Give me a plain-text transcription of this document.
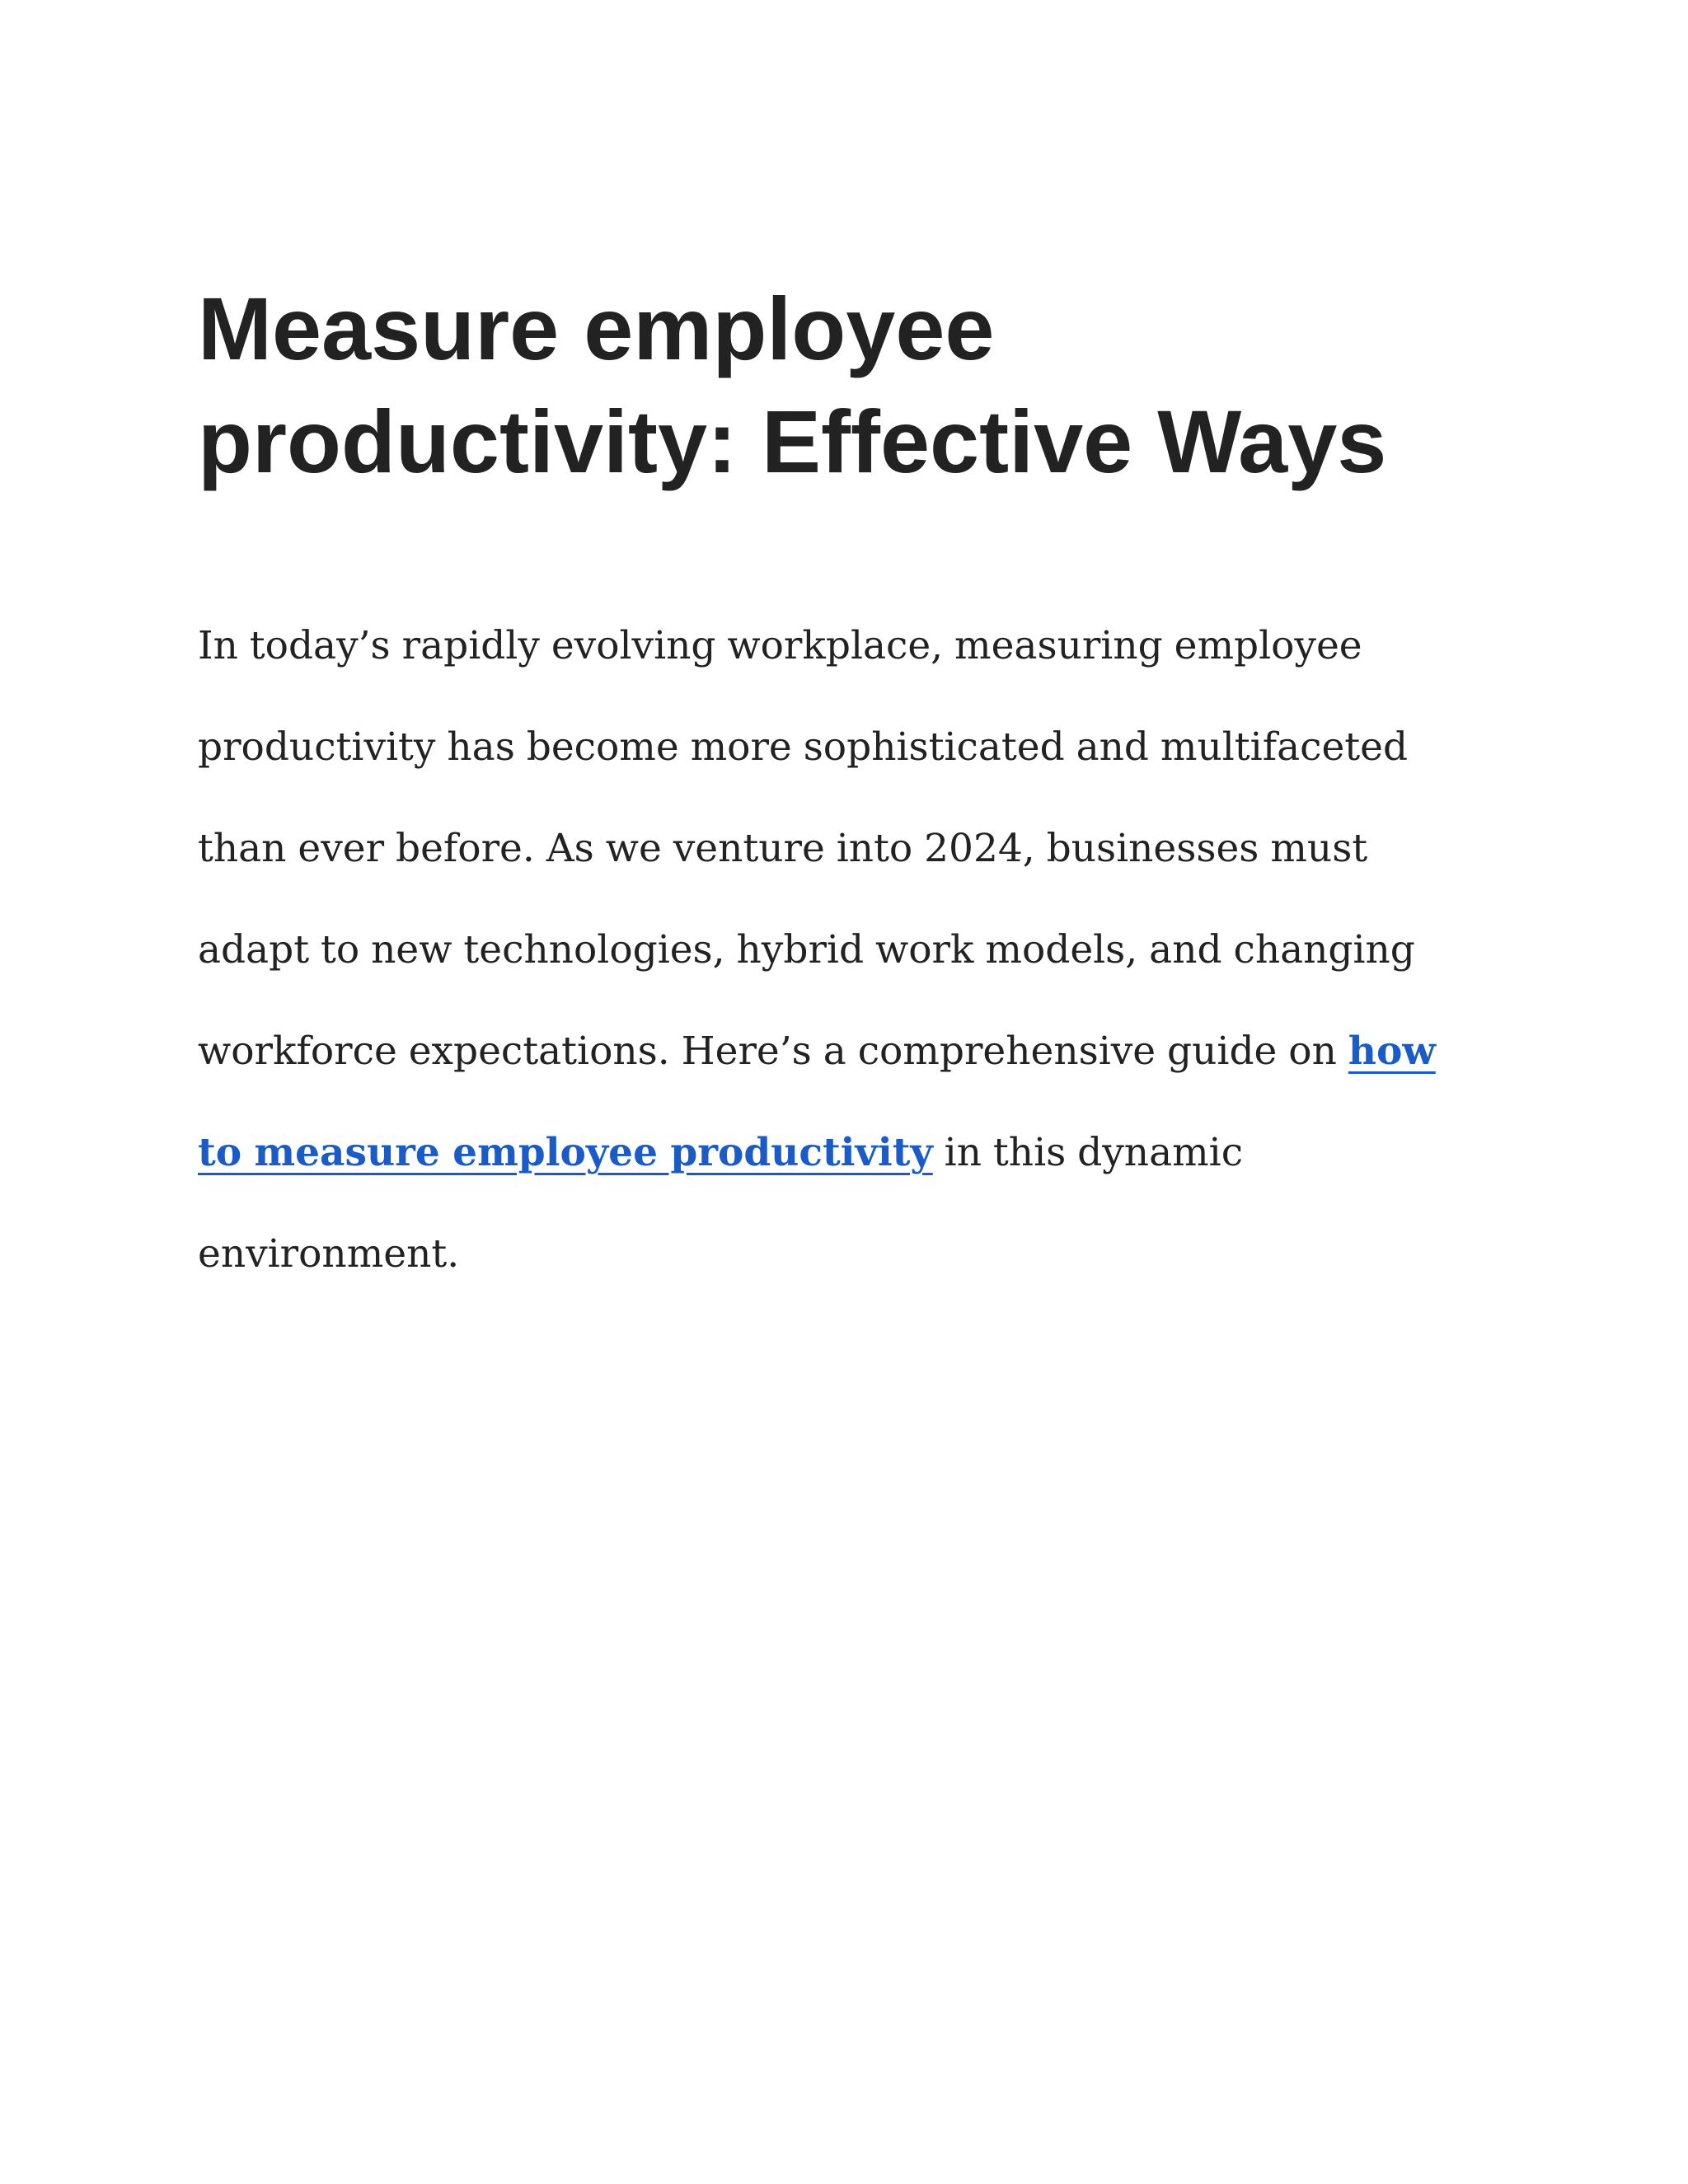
Measure employee productivity: Effective Ways

In today’s rapidly evolving workplace, measuring employee productivity has become more sophisticated and multifaceted than ever before. As we venture into 2024, businesses must adapt to new technologies, hybrid work models, and changing workforce expectations. Here’s a comprehensive guide on how to measure employee productivity in this dynamic environment.
